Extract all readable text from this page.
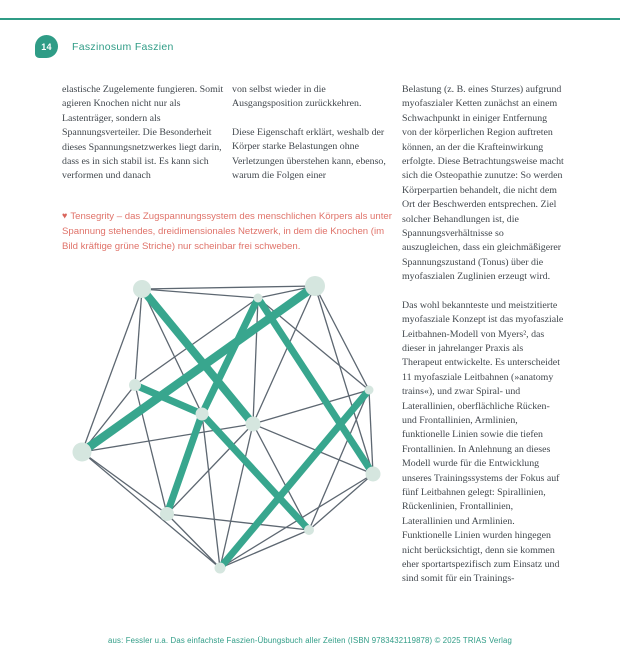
14 Faszinosum Faszien

elastische Zugelemente fungieren. Somit agieren Knochen nicht nur als Lastenträger, sondern als Spannungsverteiler. Die Besonderheit dieses Spannungsnetzwerkes liegt darin, dass es in sich stabil ist. Es kann sich verformen und danach

von selbst wieder in die Ausgangsposition zurückkehren.

Diese Eigenschaft erklärt, weshalb der Körper starke Belastungen ohne Verletzungen überstehen kann, ebenso, warum die Folgen einer

Belastung (z. B. eines Sturzes) aufgrund myofaszialer Ketten zunächst an einem Schwachpunkt in einiger Entfernung von der körperlichen Region auftreten können, an der die Krafteinwirkung erfolgte. Diese Betrachtungsweise macht sich die Osteopathie zunutze: So werden Körperpartien behandelt, die nicht dem Ort der Beschwerden entsprechen. Ziel solcher Behandlungen ist, die Spannungsverhältnisse so auszugleichen, dass ein gleichmäßigerer Spannungszustand (Tonus) über die myofaszialen Zuglinien erzeugt wird.

Das wohl bekannteste und meistzitierte myofasziale Konzept ist das myofasziale Leitbahnen-Modell von Myers², das dieser in jahrelanger Praxis als Therapeut entwickelte. Es unterscheidet 11 myofasziale Leitbahnen (»anatomy trains«), und zwar Spiral- und Laterallinien, oberflächliche Rücken- und Frontallinien, Armlinien, funktionelle Linien sowie die tiefen Frontallinien. In Anlehnung an dieses Modell wurde für die Entwicklung unseres Trainingssystems der Fokus auf fünf Leitbahnen gelegt: Spirallinien, Rückenlinien, Frontallinien, Laterallinien und Armlinien. Funktionelle Linien wurden hingegen nicht berücksichtigt, denn sie kommen eher sportartspezifisch zum Einsatz und sind somit für ein Trainings-

♥ Tensegrity – das Zugspannungssystem des menschlichen Körpers als unter Spannung stehendes, dreidimensionales Netzwerk, in dem die Knochen (im Bild kräftige grüne Striche) nur scheinbar frei schweben.
aus: Fessler u.a. Das einfachste Faszien-Übungsbuch aller Zeiten (ISBN 9783432119878) © 2025 TRIAS Verlag
